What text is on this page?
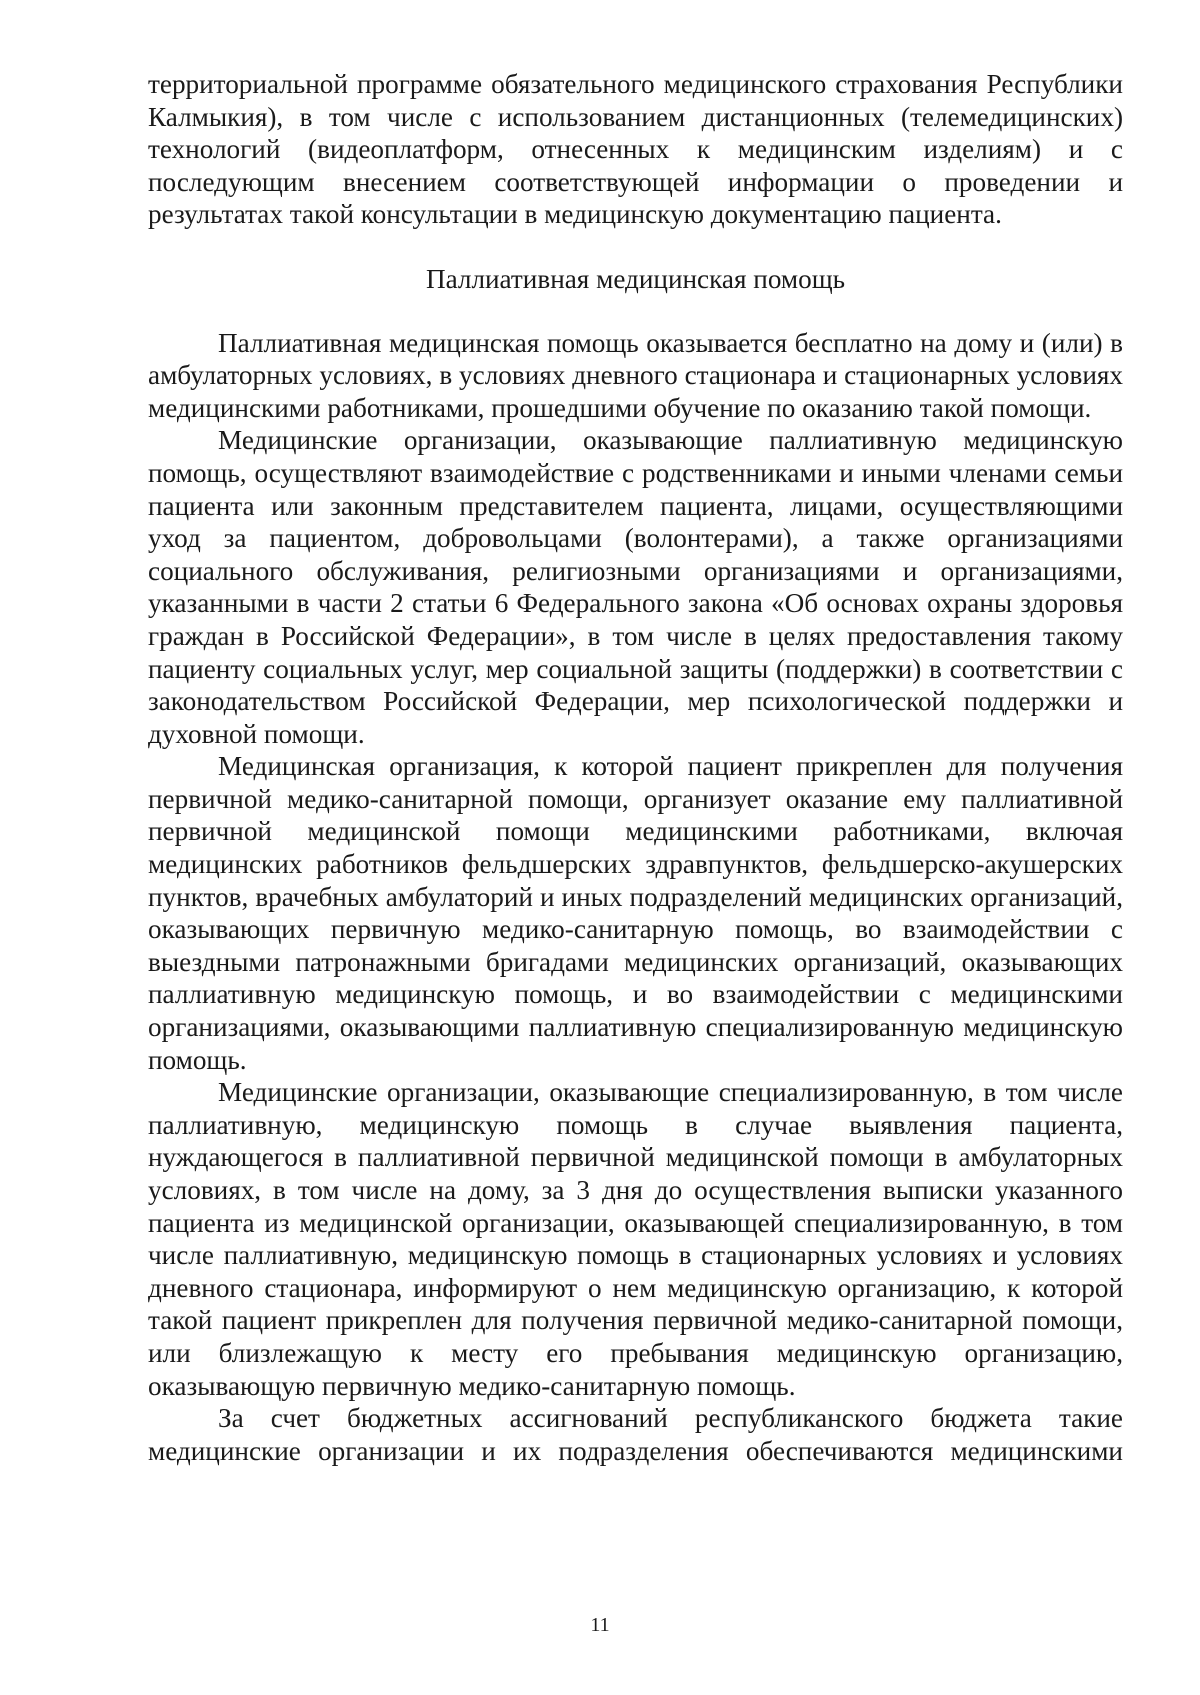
территориальной программе обязательного медицинского страхования Республики Калмыкия), в том числе с использованием дистанционных (телемедицинских) технологий (видеоплатформ, отнесенных к медицинским изделиям) и с последующим внесением соответствующей информации о проведении и результатах такой консультации в медицинскую документацию пациента.

Паллиативная медицинская помощь

Паллиативная медицинская помощь оказывается бесплатно на дому и (или) в амбулаторных условиях, в условиях дневного стационара и стационарных условиях медицинскими работниками, прошедшими обучение по оказанию такой помощи.

Медицинские организации, оказывающие паллиативную медицинскую помощь, осуществляют взаимодействие с родственниками и иными членами семьи пациента или законным представителем пациента, лицами, осуществляющими уход за пациентом, добровольцами (волонтерами), а также организациями социального обслуживания, религиозными организациями и организациями, указанными в части 2 статьи 6 Федерального закона «Об основах охраны здоровья граждан в Российской Федерации», в том числе в целях предоставления такому пациенту социальных услуг, мер социальной защиты (поддержки) в соответствии с законодательством Российской Федерации, мер психологической поддержки и духовной помощи.

Медицинская организация, к которой пациент прикреплен для получения первичной медико-санитарной помощи, организует оказание ему паллиативной первичной медицинской помощи медицинскими работниками, включая медицинских работников фельдшерских здравпунктов, фельдшерско-акушерских пунктов, врачебных амбулаторий и иных подразделений медицинских организаций, оказывающих первичную медико-санитарную помощь, во взаимодействии с выездными патронажными бригадами медицинских организаций, оказывающих паллиативную медицинскую помощь, и во взаимодействии с медицинскими организациями, оказывающими паллиативную специализированную медицинскую помощь.

Медицинские организации, оказывающие специализированную, в том числе паллиативную, медицинскую помощь в случае выявления пациента, нуждающегося в паллиативной первичной медицинской помощи в амбулаторных условиях, в том числе на дому, за 3 дня до осуществления выписки указанного пациента из медицинской организации, оказывающей специализированную, в том числе паллиативную, медицинскую помощь в стационарных условиях и условиях дневного стационара, информируют о нем медицинскую организацию, к которой такой пациент прикреплен для получения первичной медико-санитарной помощи, или близлежащую к месту его пребывания медицинскую организацию, оказывающую первичную медико-санитарную помощь.

За счет бюджетных ассигнований республиканского бюджета такие медицинские организации и их подразделения обеспечиваются медицинскими

11
